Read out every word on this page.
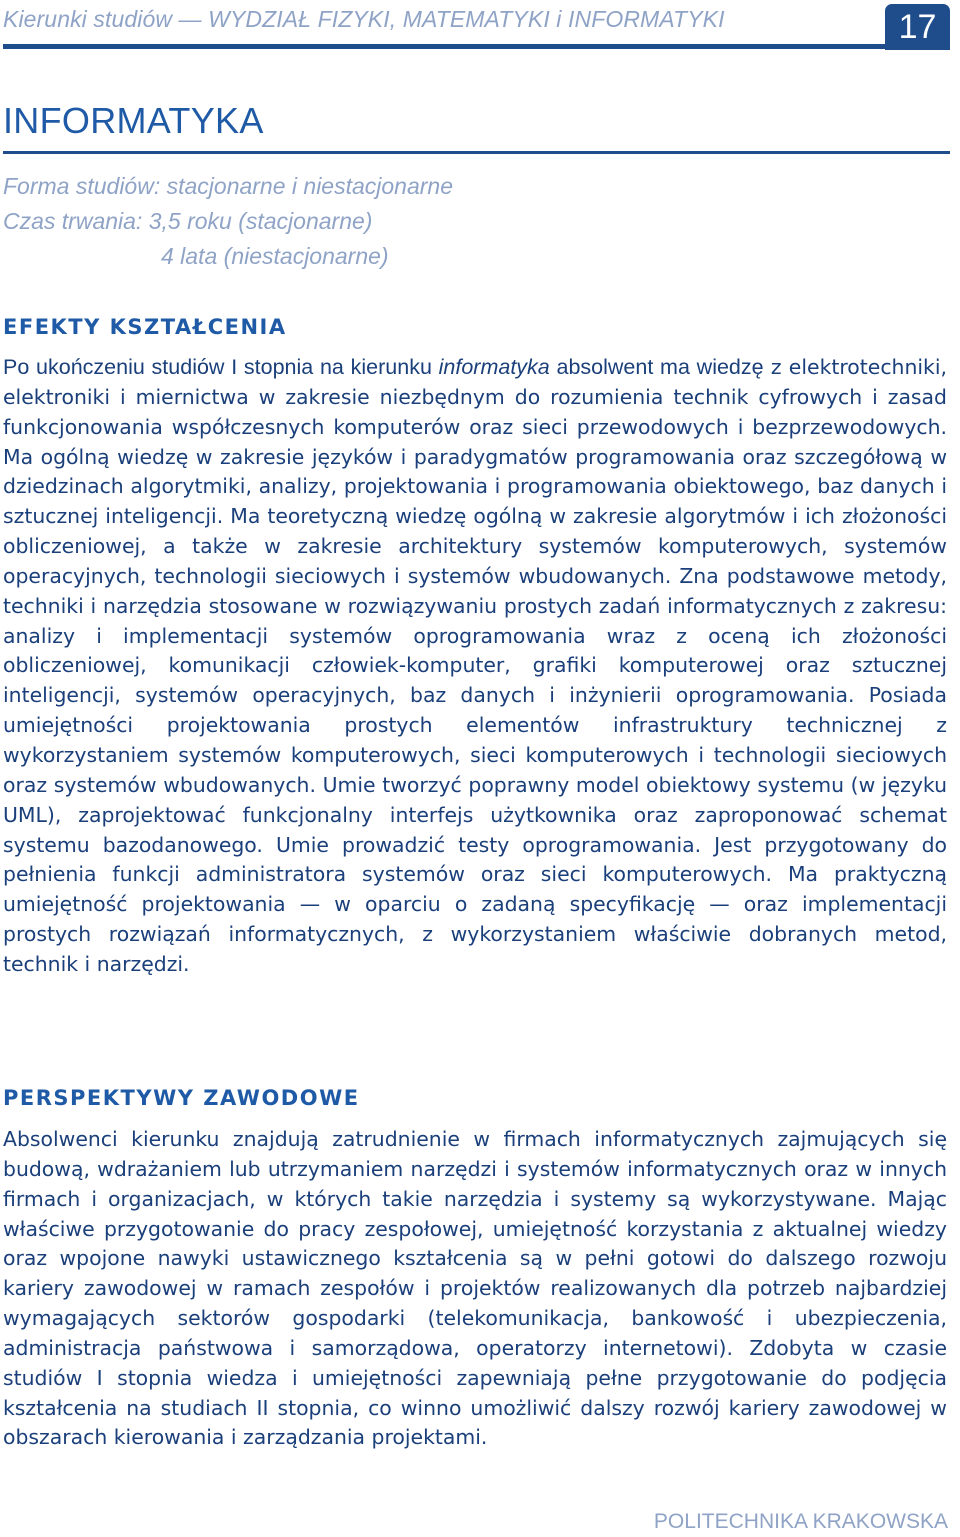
Kierunki studiów — WYDZIAŁ FIZYKI, MATEMATYKI i INFORMATYKI	17
INFORMATYKA
Forma studiów: stacjonarne i niestacjonarne
Czas trwania: 3,5 roku (stacjonarne)
4 lata (niestacjonarne)
EFEKTY KSZTAŁCENIA

Po ukończeniu studiów I stopnia na kierunku informatyka absolwent ma wiedzę z elektrotechniki, elektroniki i miernictwa w zakresie niezbędnym do rozumienia technik cyfrowych i zasad funkcjonowania współczesnych komputerów oraz sieci przewodowych i bezprzewodowych. Ma ogólną wiedzę w zakresie języków i paradygmatów programowania oraz szczegółową w dziedzinach algorytmiki, analizy, projektowania i programowania obiektowego, baz danych i sztucznej inteligencji. Ma teoretyczną wiedzę ogólną w zakresie algorytmów i ich złożoności obliczeniowej, a także w zakresie architektury systemów komputerowych, systemów operacyjnych, technologii sieciowych i systemów wbudowanych. Zna podstawowe metody, techniki i narzędzia stosowane w rozwiązywaniu prostych zadań informatycznych z zakresu: analizy i implementacji systemów oprogramowania wraz z oceną ich złożoności obliczeniowej, komunikacji człowiek-komputer, grafiki komputerowej oraz sztucznej inteligencji, systemów operacyjnych, baz danych i inżynierii oprogramowania. Posiada umiejętności projektowania prostych elementów infrastruktury technicznej z wykorzystaniem systemów komputerowych, sieci komputerowych i technologii sieciowych oraz systemów wbudowanych. Umie tworzyć poprawny model obiektowy systemu (w języku UML), zaprojektować funkcjonalny interfejs użytkownika oraz zaproponować schemat systemu bazodanowego. Umie prowadzić testy oprogramowania. Jest przygotowany do pełnienia funkcji administratora systemów oraz sieci komputerowych. Ma praktyczną umiejętność projektowania — w oparciu o zadaną specyfikację — oraz implementacji prostych rozwiązań informatycznych, z wykorzystaniem właściwie dobranych metod, technik i narzędzi.

PERSPEKTYWY ZAWODOWE

Absolwenci kierunku znajdują zatrudnienie w firmach informatycznych zajmujących się budową, wdrażaniem lub utrzymaniem narzędzi i systemów informatycznych oraz w innych firmach i organizacjach, w których takie narzędzia i systemy są wykorzystywane. Mając właściwe przygotowanie do pracy zespołowej, umiejętność korzystania z aktualnej wiedzy oraz wpojone nawyki ustawicznego kształcenia są w pełni gotowi do dalszego rozwoju kariery zawodowej w ramach zespołów i projektów realizowanych dla potrzeb najbardziej wymagających sektorów gospodarki (telekomunikacja, bankowość i ubezpieczenia, administracja państwowa i samorządowa, operatorzy internetowi). Zdobyta w czasie studiów I stopnia wiedza i umiejętności zapewniają pełne przygotowanie do podjęcia kształcenia na studiach II stopnia, co winno umożliwić dalszy rozwój kariery zawodowej w obszarach kierowania i zarządzania projektami.

POLITECHNIKA KRAKOWSKA
